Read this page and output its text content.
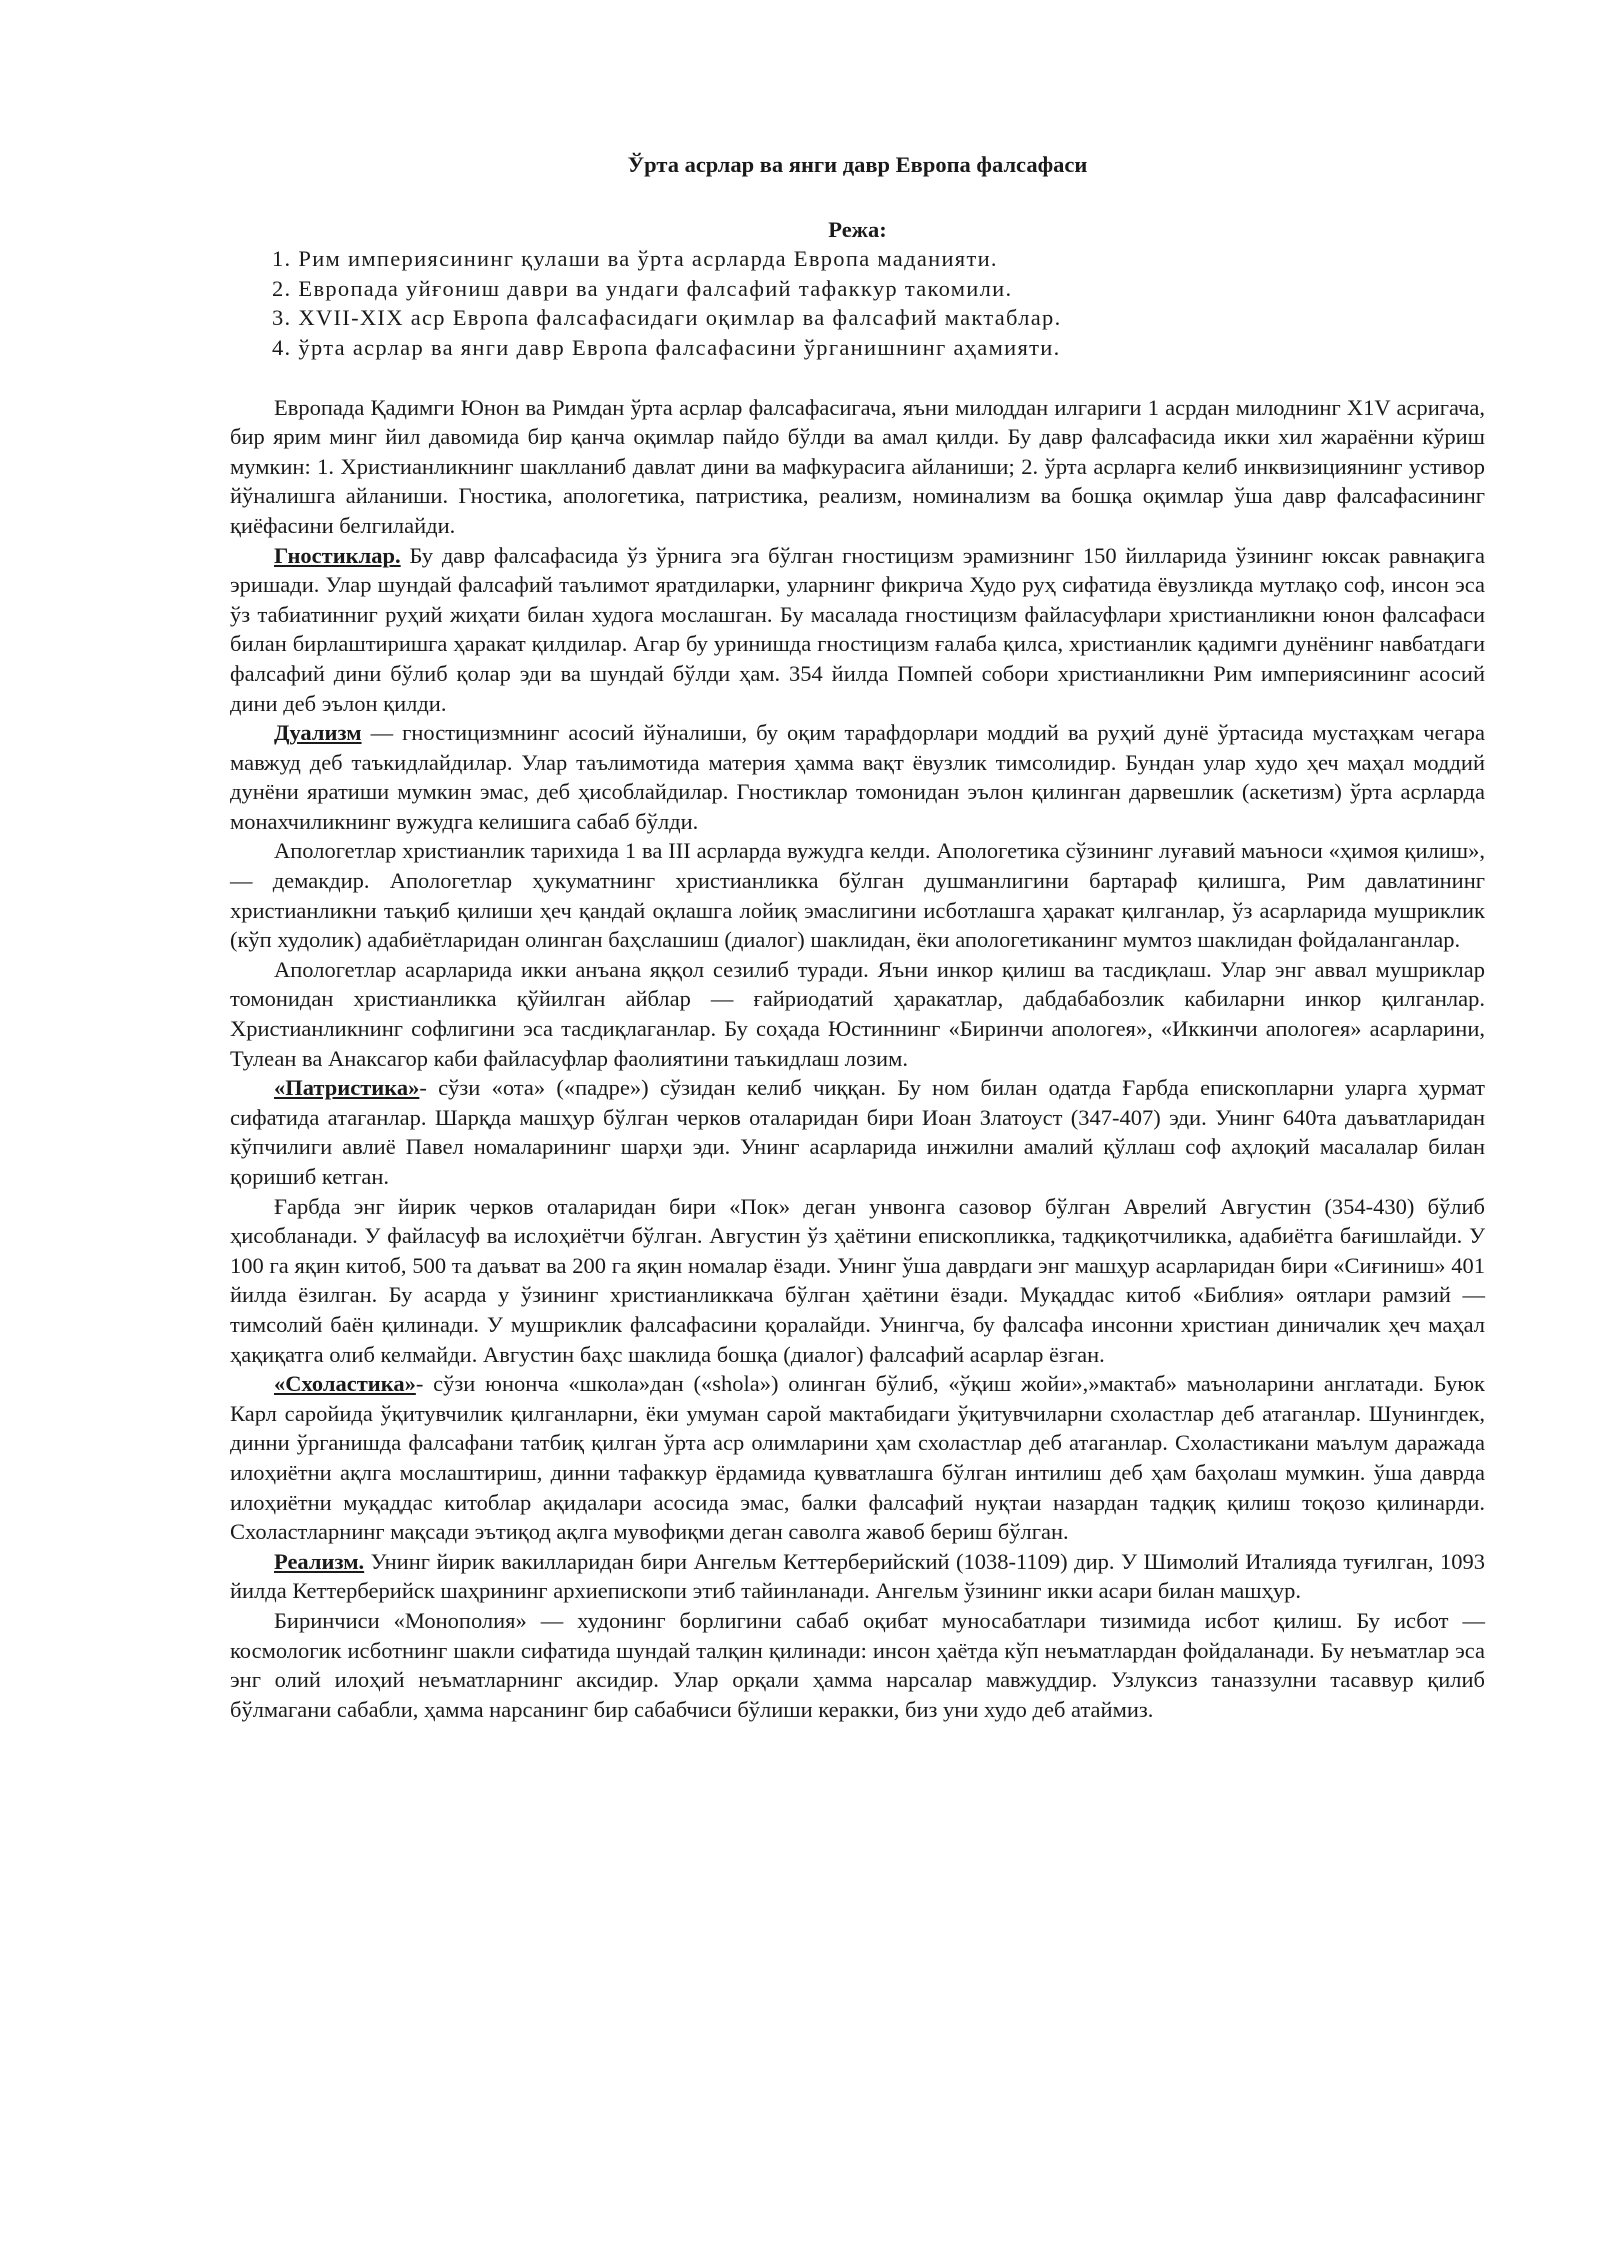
Ўрта асрлар ва янги давр Европа фалсафаси
Режа:
1. Рим империясининг қулаши ва ўрта асрларда Европа маданияти.
2. Европада уйғониш даври ва ундаги фалсафий тафаккур такомили.
3. XVII-XIX аср Европа фалсафасидаги оқимлар ва фалсафий мактаблар.
4. ўрта асрлар ва янги давр Европа фалсафасини ўрганишнинг аҳамияти.

Европада Қадимги Юнон ва Римдан ўрта асрлар фалсафасигача, яъни милоддан илгариги 1 асрдан милоднинг Х1V асригача, бир ярим минг йил давомида бир қанча оқимлар пайдо бўлди ва амал қилди. Бу давр фалсафасида икки хил жараённи кўриш мумкин: 1. Христианликнинг шаклланиб давлат дини ва мафкурасига айланиши; 2. ўрта асрларга келиб инквизициянинг устивор йўналишга айланиши. Гностика, апологетика, патристика, реализм, номинализм ва бошқа оқимлар ўша давр фалсафасининг қиёфасини белгилайди.

Гностиклар. Бу давр фалсафасида ўз ўрнига эга бўлган гностицизм эрамизнинг 150 йилларида ўзининг юксак равнақига эришади. Улар шундай фалсафий таълимот яратдиларки, уларнинг фикрича Худо руҳ сифатида ёвузликда мутлақо соф, инсон эса ўз табиатинниг руҳий жиҳати билан худога мослашган. Бу масалада гностицизм файласуфлари христианликни юнон фалсафаси билан бирлаштиришга ҳаракат қилдилар. Агар бу уринишда гностицизм ғалаба қилса, христианлик қадимги дунёнинг навбатдаги фалсафий дини бўлиб қолар эди ва шундай бўлди ҳам. 354 йилда Помпей собори христианликни Рим империясининг асосий дини деб эълон қилди.

Дуализм — гностицизмнинг асосий йўналиши, бу оқим тарафдорлари моддий ва руҳий дунё ўртасида мустаҳкам чегара мавжуд деб таъкидлайдилар. Улар таълимотида материя ҳамма вақт ёвузлик тимсолидир. Бундан улар худо ҳеч маҳал моддий дунёни яратиши мумкин эмас, деб ҳисоблайдилар. Гностиклар томонидан эълон қилинган дарвешлик (аскетизм) ўрта асрларда монахчиликнинг вужудга келишига сабаб бўлди.

Апологетлар христианлик тарихида 1 ва III асрларда вужудга келди. Апологетика сўзининг луғавий маъноси «ҳимоя қилиш»,— демакдир. Апологетлар ҳукуматнинг христианликка бўлган душманлигини бартараф қилишга, Рим давлатининг христианликни таъқиб қилиши ҳеч қандай оқлашга лойиқ эмаслигини исботлашга ҳаракат қилганлар, ўз асарларида мушриклик (кўп худолик) адабиётларидан олинган баҳслашиш (диалог) шаклидан, ёки апологетиканинг мумтоз шаклидан фойдаланганлар.

Апологетлар асарларида икки анъана яққол сезилиб туради. Яъни инкор қилиш ва тасдиқлаш. Улар энг аввал мушриклар томонидан христианликка қўйилган айблар — ғайриодатий ҳаракатлар, дабдабабозлик кабиларни инкор қилганлар. Христианликнинг софлигини эса тасдиқлаганлар. Бу соҳада Юстиннинг «Биринчи апологея», «Иккинчи апологея» асарларини, Тулеан ва Анаксагор каби файласуфлар фаолиятини таъкидлаш лозим.

«Патристика»- сўзи «ота» («падре») сўзидан келиб чиққан. Бу ном билан одатда Ғарбда епископларни уларга ҳурмат сифатида атаганлар. Шарқда машҳур бўлган черков оталаридан бири Иоан Златоуст (347-407) эди. Унинг 640та даъватларидан кўпчилиги авлиё Павел номаларининг шарҳи эди. Унинг асарларида инжилни амалий қўллаш соф аҳлоқий масалалар билан қоришиб кетган.

Ғарбда энг йирик черков оталаридан бири «Пок» деган унвонга сазовор бўлган Аврелий Августин (354-430) бўлиб ҳисобланади. У файласуф ва ислоҳиётчи бўлган. Августин ўз ҳаётини епископликка, тадқиқотчиликка, адабиётга бағишлайди. У 100 га яқин китоб, 500 та даъват ва 200 га яқин номалар ёзади. Унинг ўша даврдаги энг машҳур асарларидан бири «Сиғиниш» 401 йилда ёзилган. Бу асарда у ўзининг христианликкача бўлган ҳаётини ёзади. Муқаддас китоб «Библия» оятлари рамзий — тимсолий баён қилинади. У мушриклик фалсафасини қоралайди. Унингча, бу фалсафа инсонни христиан диничалик ҳеч маҳал ҳақиқатга олиб келмайди. Августин баҳс шаклида бошқа (диалог) фалсафий асарлар ёзган.

«Схоластика»- сўзи юнонча «школа»дан («shola») олинган бўлиб, «ўқиш жойи»,»мактаб» маъноларини англатади. Буюк Карл саройида ўқитувчилик қилганларни, ёки умуман сарой мактабидаги ўқитувчиларни схоластлар деб атаганлар. Шунингдек, динни ўрганишда фалсафани татбиқ қилган ўрта аср олимларини ҳам схоластлар деб атаганлар. Схоластикани маълум даражада илоҳиётни ақлга мослаштириш, динни тафаккур ёрдамида қувватлашга бўлган интилиш деб ҳам баҳолаш мумкин. ўша даврда илоҳиётни муқаддас китоблар ақидалари асосида эмас, балки фалсафий нуқтаи назардан тадқиқ қилиш тоқозо қилинарди. Схоластларнинг мақсади эътиқод ақлга мувофиқми деган саволга жавоб бериш бўлган.

Реализм. Унинг йирик вакилларидан бири Ангельм Кеттерберийский (1038-1109) дир. У Шимолий Италияда туғилган, 1093 йилда Кеттерберийск шаҳрининг архиепископи этиб тайинланади. Ангельм ўзининг икки асари билан машҳур.

Биринчиси «Монополия» — худонинг борлигини сабаб оқибат муносабатлари тизимида исбот қилиш. Бу исбот — космологик исботнинг шакли сифатида шундай талқин қилинади: инсон ҳаётда кўп неъматлардан фойдаланади. Бу неъматлар эса энг олий илоҳий неъматларнинг аксидир. Улар орқали ҳамма нарсалар мавжуддир. Узлуксиз таназзулни тасаввур қилиб бўлмагани сабабли, ҳамма нарсанинг бир сабабчиси бўлиши керакки, биз уни худо деб атаймиз.
